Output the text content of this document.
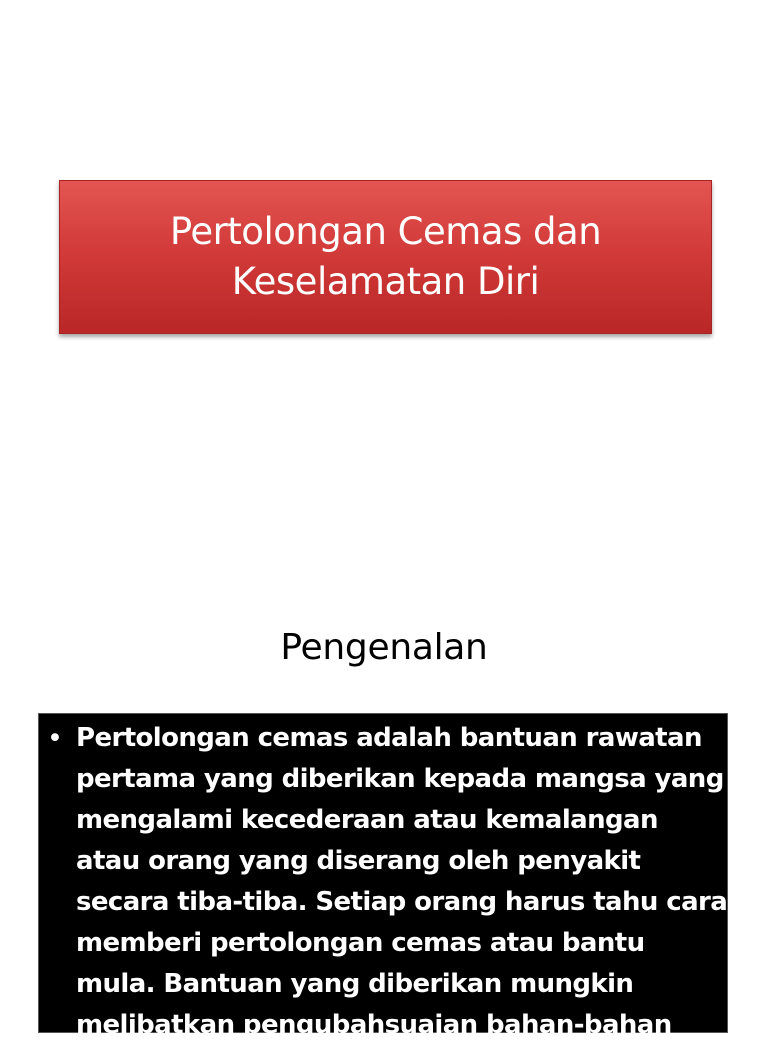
Pertolongan Cemas dan
Keselamatan Diri
Pengenalan
• Pertolongan cemas adalah bantuan rawatan
pertama yang diberikan kepada mangsa yang
mengalami kecederaan atau kemalangan
atau orang yang diserang oleh penyakit
secara tiba-tiba. Setiap orang harus tahu cara
memberi pertolongan cemas atau bantu
mula. Bantuan yang diberikan mungkin
melibatkan pengubahsuaian bahan-bahan
